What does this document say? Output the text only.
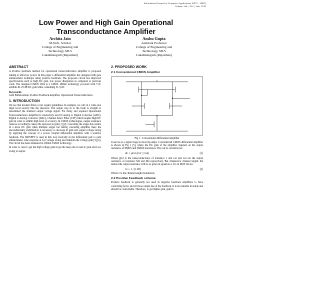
International Journal of Computer Applications (0975 – 8887)
Volume 144 – No.5, June 2016
Low Power and High Gain Operational
Transconductance Amplifier
Archita Jain
M.Tech. Scholar
College of Engineering and
Technology, MLS
Lakshmangarh (Rajasthan)
Anshu Gupta
Assistant Professor
College of Engineering and
Technology, MLS
Lakshmangarh (Rajasthan)
ABSTRACT

A Positive feedback method for operational transconductance amplifier is proposed aiming at ultra-low power. In this paper a differential amplifier has designed with gate enhancement technique using positive feedback. The proposed circuit has improved specifications such as high DC gain, low power dissipation as compared to previous work. The designed CMOS OTA is a CMOS 180nm technology powered with ±1V, exhibits 91.23 dB DC gain while consuming 31.7µW.

Keywords

Gain Enhancement, Positive Feedback Amplifier, Operational Transconductance.

1. INTRODUCTION

We see that modern filters occur require guidelines. In example, we call on a wide area input level exactly like the dissolver. The output way in to the brain is straight to determined the standard output voltage signal. For many and required Operational Transconductance Amplifier is extensively used in analog to Digital Converter (ADC), Digital to Analog Converter (DAC), Channel Select Filter (CSF) which require high DC gain in order to exhibit high level of accuracy. In CMOS technologies, output resistance reduces accordingly causes the decrease in gain [1] [2]. Cascading the stages has results in a more DC gain when multiple stages but during cascading amplifier there the unconditionally stabilization is necessary to decrease in gain and output voltage swing by applying the concept of a power coupled differential amplifier with a positive feedback. The MOSFET is used in this loop basically in the differential pair to gain enhancement. Also response at low voltage swing and maintain the voltage gain [3] [4]. The circuit has been simulated in 180nm CMOS technology.

In order to cater to get the high voltage gain in get the deep also it used to gain and Low swing at output.

2. PROPOSED WORK
2.1 Conventional CMOS Amplifier
Fig 1 : Conventional Differential Amplifier

It serves as a signal stage in most Op-amps. Conventional CMOS differential amplifier is shown in Fig 1 [5], where the DC gain of the amplifier depends on the output resistance of PMOS and NMOS transistors. The can be calculated as:

Av = gm1 (ro2 || ro4)	(1)

Where gm1 is the transconductance of transistor 1 and ro2 and ro4 are the output resistance of transistor M2 and M4 respectively. But channel-for channel length, the desired the output resistance will be as given in equation 2, for an MOS device:

ro = 1 / (λ ID)	(2)

Where λ is the channel length modulation.

2.2 Positive Feedback scheme

Positive feedback is generally not used in negative feedback amplifiers to have controlling factor and all more output due of the feedback. It is not suitable in stable and should be controllable. Therefore, to get higher gain, gain in
